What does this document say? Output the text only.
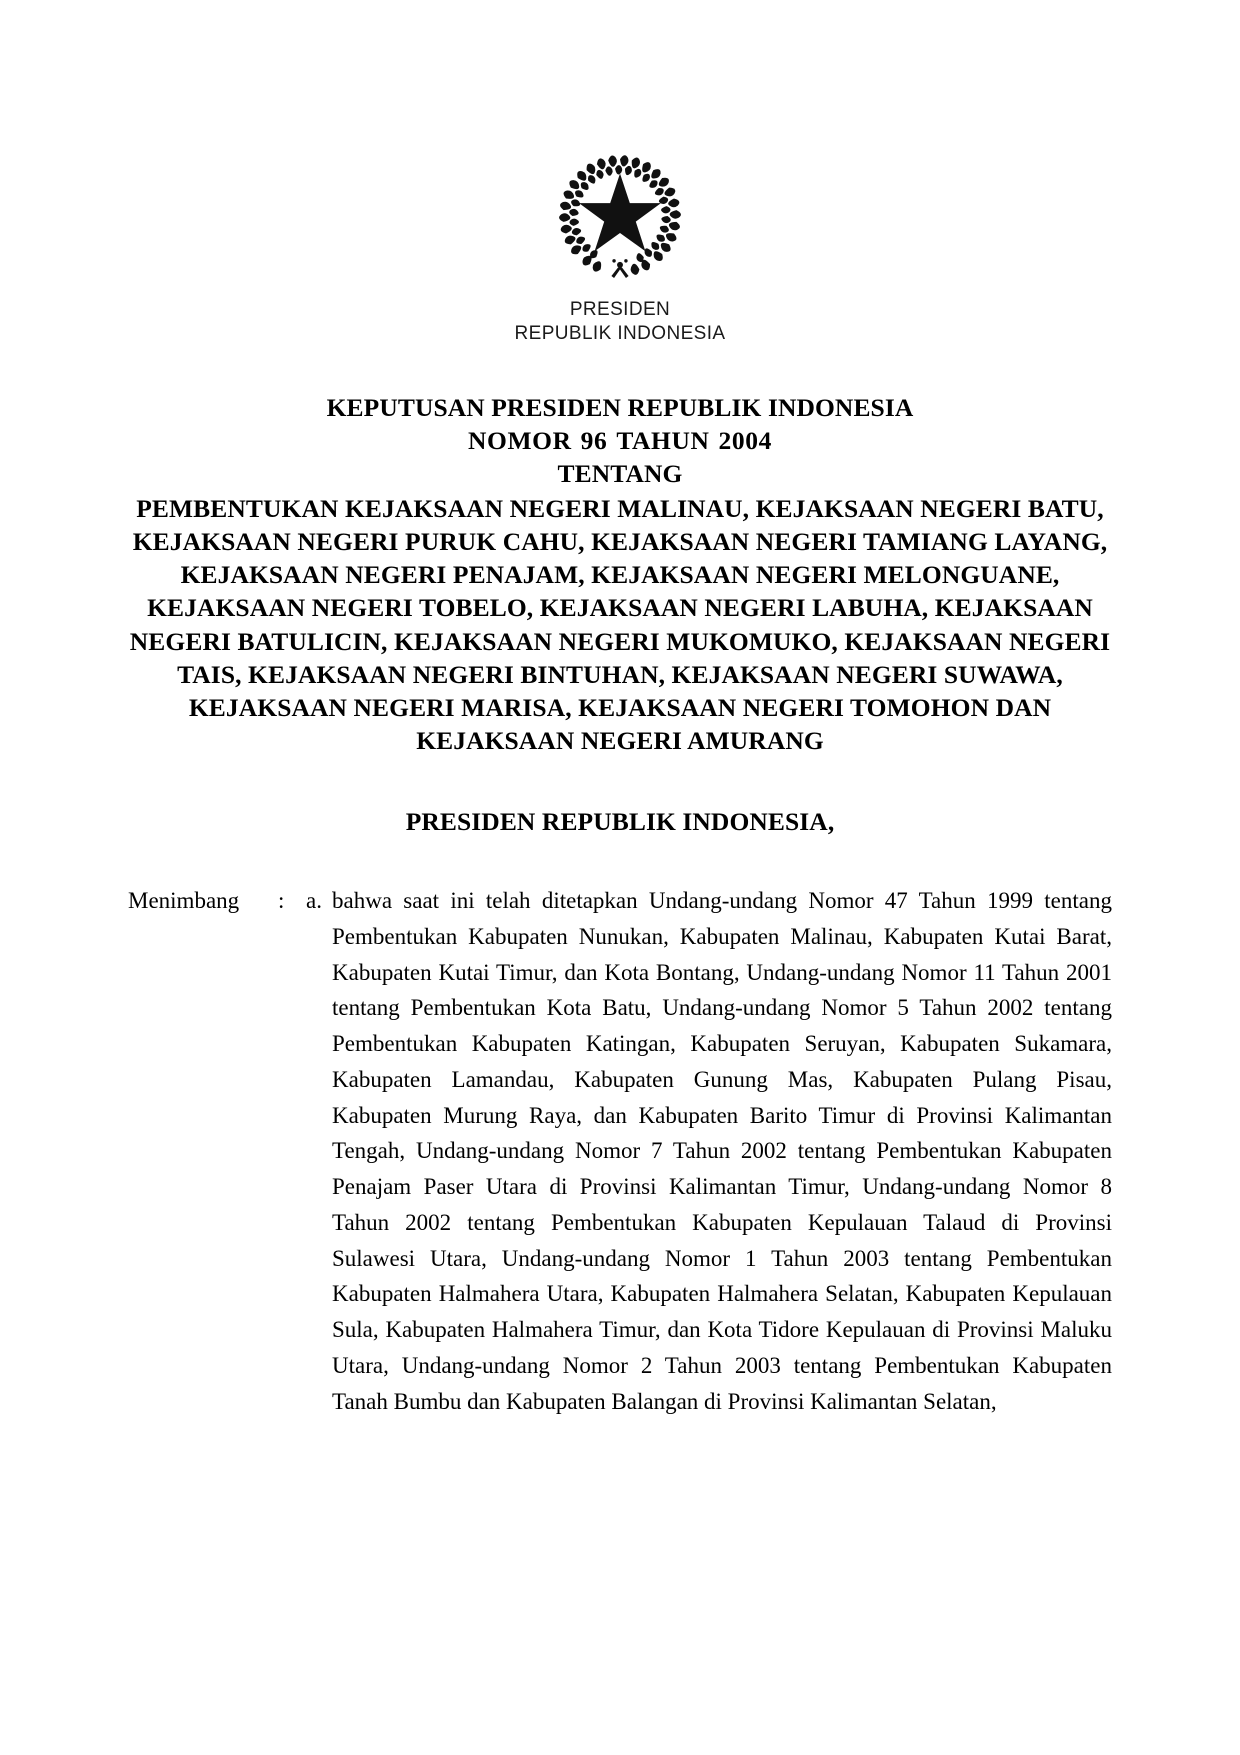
PRESIDEN
REPUBLIK INDONESIA
KEPUTUSAN PRESIDEN REPUBLIK INDONESIA
NOMOR 96 TAHUN 2004
TENTANG
PEMBENTUKAN KEJAKSAAN NEGERI MALINAU, KEJAKSAAN NEGERI BATU, KEJAKSAAN NEGERI PURUK CAHU, KEJAKSAAN NEGERI TAMIANG LAYANG, KEJAKSAAN NEGERI PENAJAM, KEJAKSAAN NEGERI MELONGUANE, KEJAKSAAN NEGERI TOBELO, KEJAKSAAN NEGERI LABUHA, KEJAKSAAN NEGERI BATULICIN, KEJAKSAAN NEGERI MUKOMUKO, KEJAKSAAN NEGERI TAIS, KEJAKSAAN NEGERI BINTUHAN, KEJAKSAAN NEGERI SUWAWA, KEJAKSAAN NEGERI MARISA, KEJAKSAAN NEGERI TOMOHON DAN KEJAKSAAN NEGERI AMURANG
PRESIDEN REPUBLIK INDONESIA,
Menimbang	: a. bahwa saat ini telah ditetapkan Undang-undang Nomor 47 Tahun 1999 tentang Pembentukan Kabupaten Nunukan, Kabupaten Malinau, Kabupaten Kutai Barat, Kabupaten Kutai Timur, dan Kota Bontang, Undang-undang Nomor 11 Tahun 2001 tentang Pembentukan Kota Batu, Undang-undang Nomor 5 Tahun 2002 tentang Pembentukan Kabupaten Katingan, Kabupaten Seruyan, Kabupaten Sukamara, Kabupaten Lamandau, Kabupaten Gunung Mas, Kabupaten Pulang Pisau, Kabupaten Murung Raya, dan Kabupaten Barito Timur di Provinsi Kalimantan Tengah, Undang-undang Nomor 7 Tahun 2002 tentang Pembentukan Kabupaten Penajam Paser Utara di Provinsi Kalimantan Timur, Undang-undang Nomor 8 Tahun 2002 tentang Pembentukan Kabupaten Kepulauan Talaud di Provinsi Sulawesi Utara, Undang-undang Nomor 1 Tahun 2003 tentang Pembentukan Kabupaten Halmahera Utara, Kabupaten Halmahera Selatan, Kabupaten Kepulauan Sula, Kabupaten Halmahera Timur, dan Kota Tidore Kepulauan di Provinsi Maluku Utara, Undang-undang Nomor 2 Tahun 2003 tentang Pembentukan Kabupaten Tanah Bumbu dan Kabupaten Balangan di Provinsi Kalimantan Selatan,
